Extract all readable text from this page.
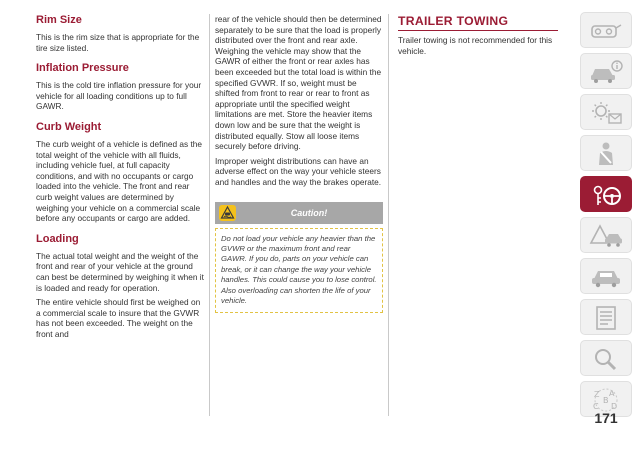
Rim Size

This is the rim size that is appropriate for the tire size listed.

Inflation Pressure

This is the cold tire inflation pressure for your vehicle for all loading conditions up to full GAWR.

Curb Weight

The curb weight of a vehicle is defined as the total weight of the vehicle with all fluids, including vehicle fuel, at full capacity conditions, and with no occupants or cargo loaded into the vehicle. The front and rear curb weight values are determined by weighing your vehicle on a commercial scale before any occupants or cargo are added.

Loading

The actual total weight and the weight of the front and rear of your vehicle at the ground can best be determined by weighing it when it is loaded and ready for operation.

The entire vehicle should first be weighed on a commercial scale to insure that the GVWR has not been exceeded. The weight on the front and

rear of the vehicle should then be determined separately to be sure that the load is properly distributed over the front and rear axle. Weighing the vehicle may show that the GAWR of either the front or rear axles has been exceeded but the total load is within the specified GVWR. If so, weight must be shifted from front to rear or rear to front as appropriate until the specified weight limitations are met. Store the heavier items down low and be sure that the weight is distributed equally. Stow all loose items securely before driving.

Improper weight distributions can have an adverse effect on the way your vehicle steers and handles and the way the brakes operate.

Caution!
Do not load your vehicle any heavier than the GVWR or the maximum front and rear GAWR. If you do, parts on your vehicle can break, or it can change the way your vehicle handles. This could cause you to lose control. Also overloading can shorten the life of your vehicle.
TRAILER TOWING

Trailer towing is not recommended for this vehicle.

Z A
C
B
D
171
